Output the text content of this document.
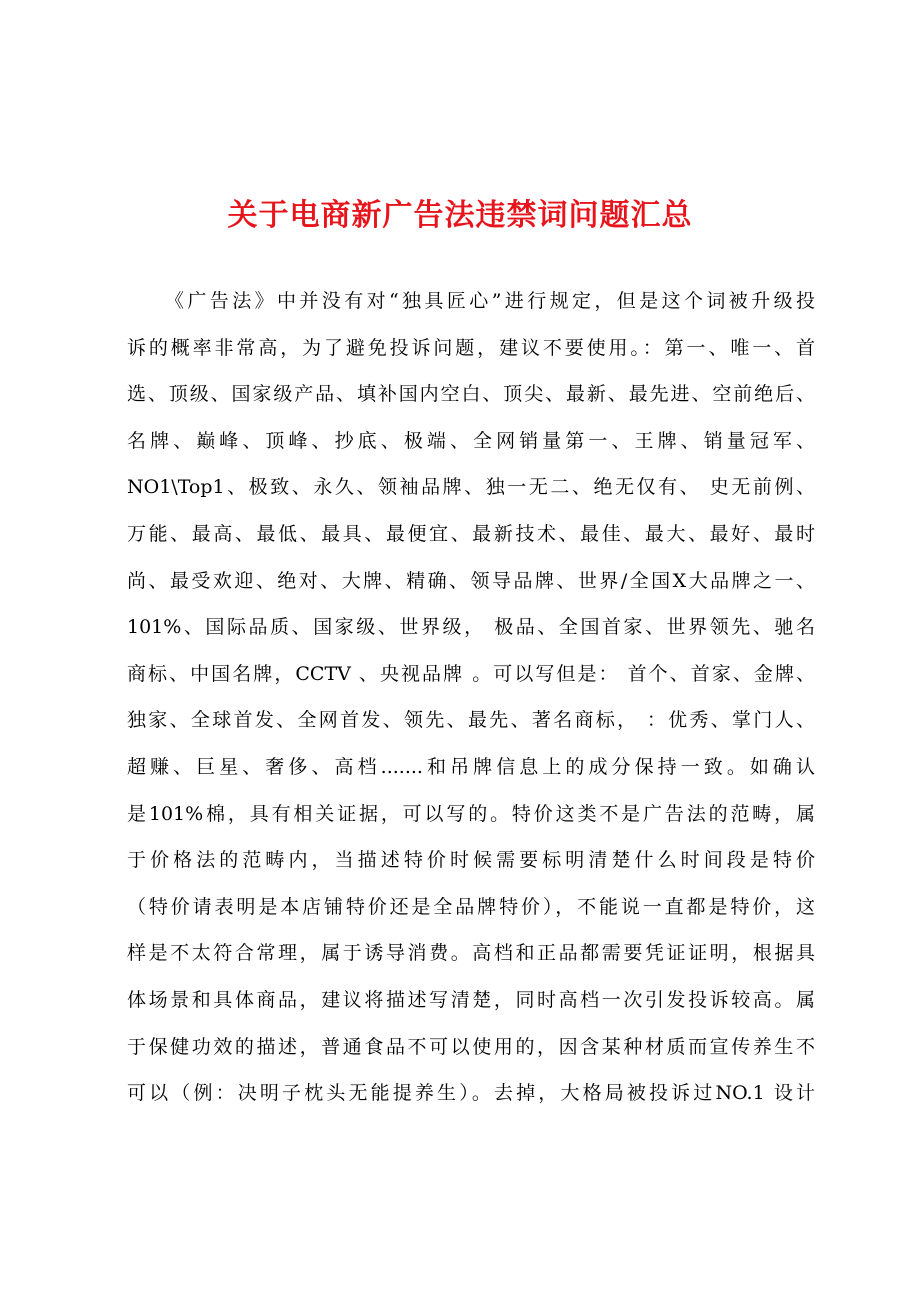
关于电商新广告法违禁词问题汇总
《广告法》中并没有对“独具匠心”进行规定，但是这个词被升级投
诉的概率非常高，为了避免投诉问题，建议不要使用。：第一、唯一、首
选、顶级、国家级产品、填补国内空白、顶尖、最新、最先进、空前绝后、
名牌、巅峰、顶峰、抄底、极端、全网销量第一、王牌、销量冠军、
NO1\Top1、极致、永久、领袖品牌、独一无二、绝无仅有、 史无前例、
万能、最高、最低、最具、最便宜、最新技术、最佳、最大、最好、最时
尚、最受欢迎、绝对、大牌、精确、领导品牌、世界/全国X大品牌之一、
101%、国际品质、国家级、世界级， 极品、全国首家、世界领先、驰名
商标、中国名牌，CCTV 、央视品牌 。可以写但是： 首个、首家、金牌、
独家、全球首发、全网首发、领先、最先、著名商标， ：优秀、掌门人、
超赚、巨星、奢侈、高档.......和吊牌信息上的成分保持一致。如确认
是101%棉，具有相关证据，可以写的。特价这类不是广告法的范畴，属
于价格法的范畴内，当描述特价时候需要标明清楚什么时间段是特价
（特价请表明是本店铺特价还是全品牌特价），不能说一直都是特价，这
样是不太符合常理，属于诱导消费。高档和正品都需要凭证证明，根据具
体场景和具体商品，建议将描述写清楚，同时高档一次引发投诉较高。属
于保健功效的描述，普通食品不可以使用的，因含某种材质而宣传养生不
可以（例：决明子枕头无能提养生）。去掉，大格局被投诉过NO.1 设计
